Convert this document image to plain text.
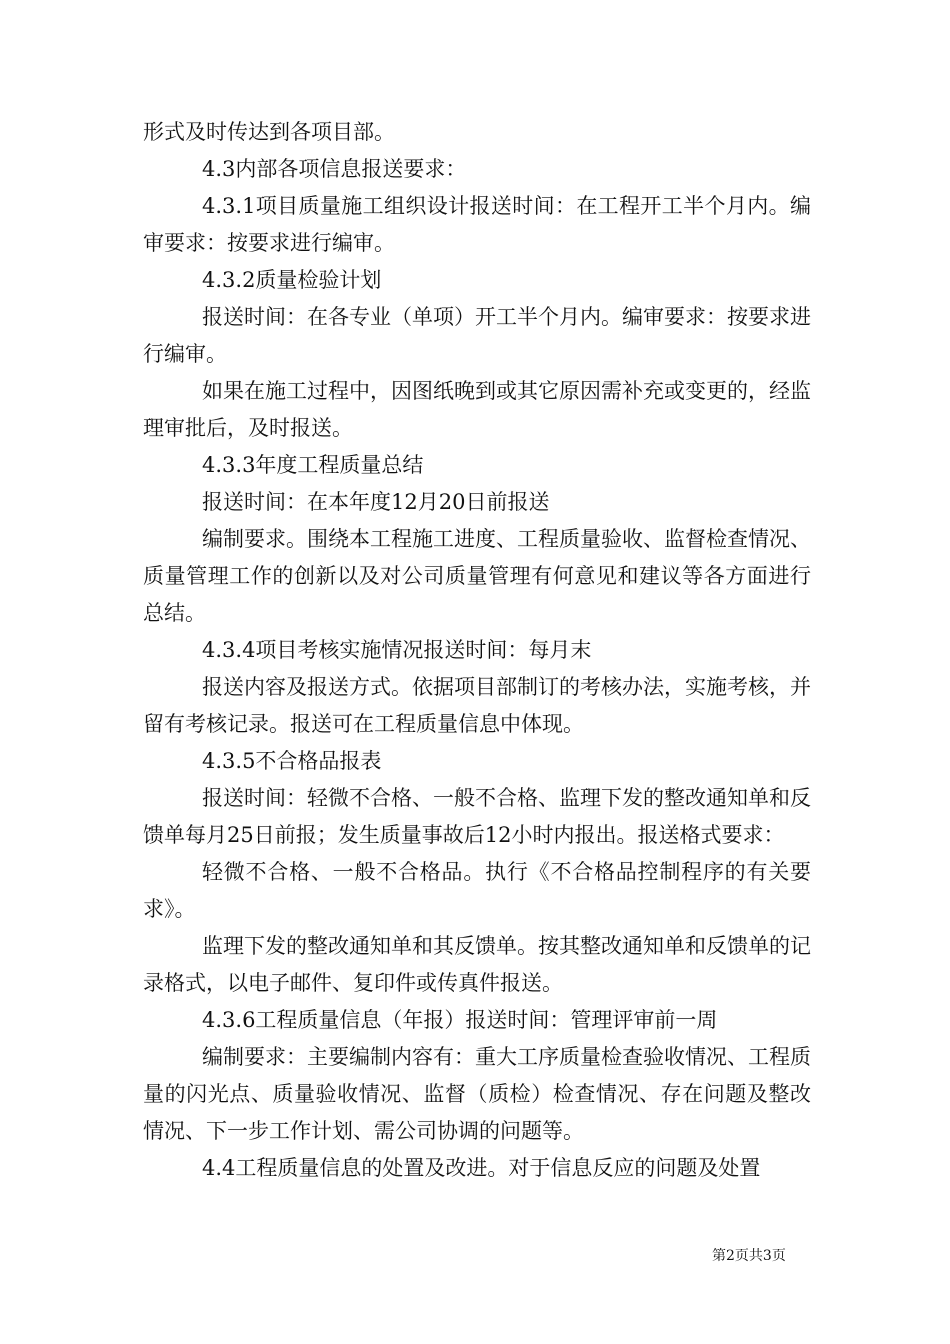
形式及时传达到各项目部。

4.3内部各项信息报送要求：

4.3.1项目质量施工组织设计报送时间：在工程开工半个月内。编审要求：按要求进行编审。

4.3.2质量检验计划

报送时间：在各专业（单项）开工半个月内。编审要求：按要求进行编审。

如果在施工过程中，因图纸晚到或其它原因需补充或变更的，经监理审批后，及时报送。

4.3.3年度工程质量总结

报送时间：在本年度12月20日前报送

编制要求。围绕本工程施工进度、工程质量验收、监督检查情况、质量管理工作的创新以及对公司质量管理有何意见和建议等各方面进行总结。

4.3.4项目考核实施情况报送时间：每月末

报送内容及报送方式。依据项目部制订的考核办法，实施考核，并留有考核记录。报送可在工程质量信息中体现。

4.3.5不合格品报表

报送时间：轻微不合格、一般不合格、监理下发的整改通知单和反馈单每月25日前报；发生质量事故后12小时内报出。报送格式要求：

轻微不合格、一般不合格品。执行《不合格品控制程序的有关要求》。

监理下发的整改通知单和其反馈单。按其整改通知单和反馈单的记录格式，以电子邮件、复印件或传真件报送。

4.3.6工程质量信息（年报）报送时间：管理评审前一周

编制要求：主要编制内容有：重大工序质量检查验收情况、工程质量的闪光点、质量验收情况、监督（质检）检查情况、存在问题及整改情况、下一步工作计划、需公司协调的问题等。

4.4工程质量信息的处置及改进。对于信息反应的问题及处置

第2页共3页
